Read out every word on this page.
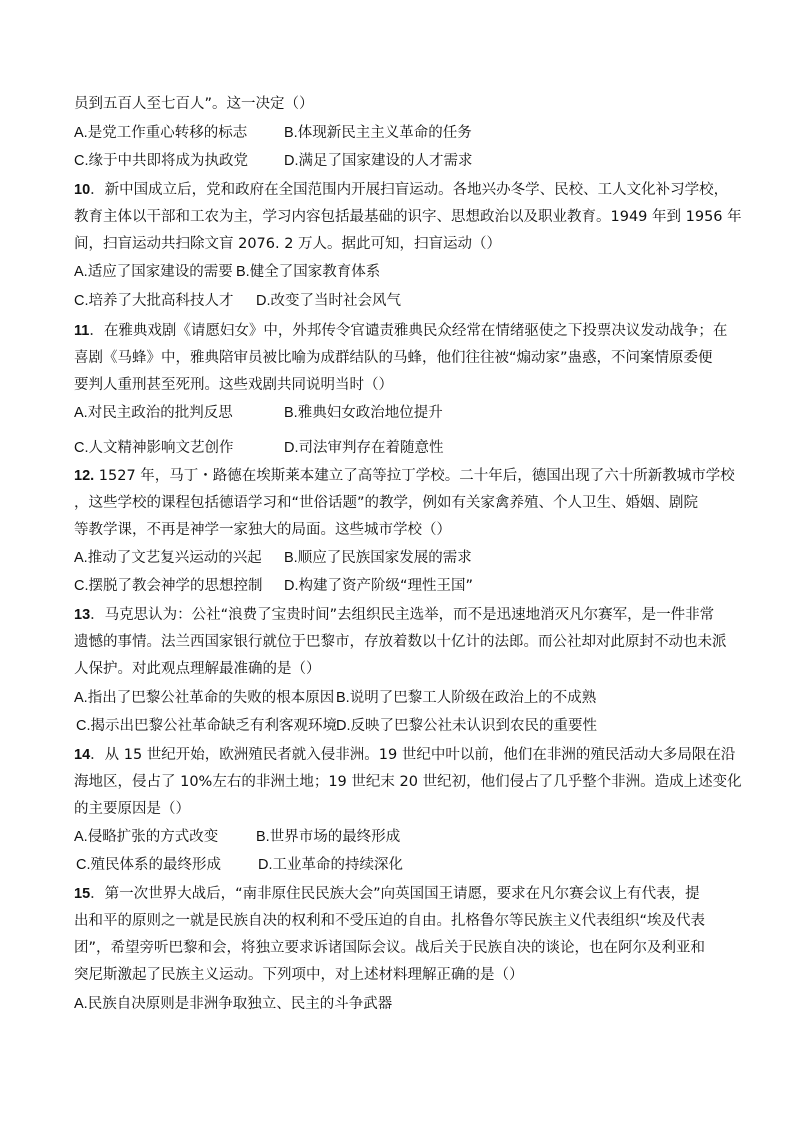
员到五百人至七百人”。这一决定（）
A.是党工作重心转移的标志	B.体现新民主主义革命的任务
C.缘于中共即将成为执政党 D.满足了国家建设的人才需求
10．新中国成立后，党和政府在全国范围内开展扫盲运动。各地兴办冬学、民校、工人文化补习学校，
教育主体以干部和工农为主，学习内容包括最基础的识字、思想政治以及职业教育。1949 年到 1956 年
间，扫盲运动共扫除文盲 2076. 2 万人。据此可知，扫盲运动（）
A.适应了国家建设的需要 B.健全了国家教育体系
C.培养了大批高科技人才 D.改变了当时社会风气
11．在雅典戏剧《请愿妇女》中，外邦传令官谴责雅典民众经常在情绪驱使之下投票决议发动战争；在
喜剧《马蜂》中，雅典陪审员被比喻为成群结队的马蜂，他们往往被“煽动家”蛊惑，不问案情原委便
要判人重刑甚至死刑。这些戏剧共同说明当时（）
A.对民主政治的批判反思	B.雅典妇女政治地位提升
C.人文精神影响文艺创作	D.司法审判存在着随意性
12. 1527 年，马丁・路德在埃斯莱本建立了高等拉丁学校。二十年后，德国出现了六十所新教城市学校
，这些学校的课程包括德语学习和“世俗话题”的教学，例如有关家禽养殖、个人卫生、婚姻、剧院
等教学课，不再是神学一家独大的局面。这些城市学校（）
A.推动了文艺复兴运动的兴起 B.顺应了民族国家发展的需求
C.摆脱了教会神学的思想控制 D.构建了资产阶级“理性王国”
13．马克思认为：公社“浪费了宝贵时间”去组织民主选举，而不是迅速地消灭凡尔赛军，是一件非常
遗憾的事情。法兰西国家银行就位于巴黎市，存放着数以十亿计的法郎。而公社却对此原封不动也未派
人保护。对此观点理解最准确的是（）
A.指出了巴黎公社革命的失败的根本原因 B.说明了巴黎工人阶级在政治上的不成熟
C.揭示出巴黎公社革命缺乏有利客观环境 D.反映了巴黎公社未认识到农民的重要性
14．从 15 世纪开始，欧洲殖民者就入侵非洲。19 世纪中叶以前，他们在非洲的殖民活动大多局限在沿
海地区，侵占了 10%左右的非洲土地；19 世纪末 20 世纪初，他们侵占了几乎整个非洲。造成上述变化
的主要原因是（）
A.侵略扩张的方式改变	B.世界市场的最终形成
C.殖民体系的最终形成	D.工业革命的持续深化
15．第一次世界大战后，“南非原住民民族大会”向英国国王请愿，要求在凡尔赛会议上有代表，提
出和平的原则之一就是民族自决的权利和不受压迫的自由。扎格鲁尔等民族主义代表组织“埃及代表
团”，希望旁听巴黎和会，将独立要求诉诸国际会议。战后关于民族自决的谈论，也在阿尔及利亚和
突尼斯激起了民族主义运动。下列项中，对上述材料理解正确的是（）
A.民族自决原则是非洲争取独立、民主的斗争武器
